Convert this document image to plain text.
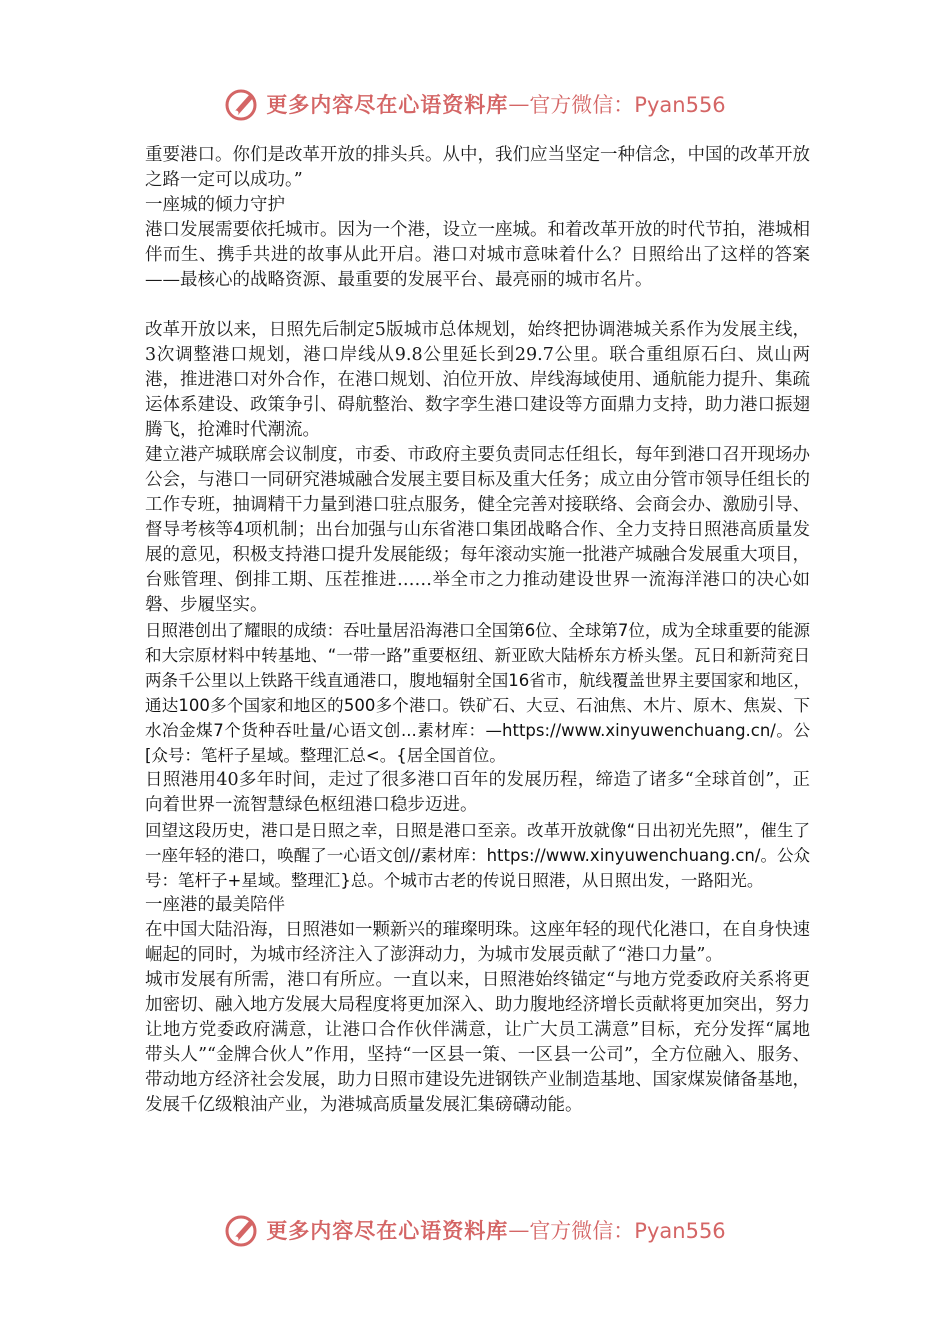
更多内容尽在心语资料库 — 官方微信：Pyan556

重要港口。你们是改革开放的排头兵。从中，我们应当坚定一种信念，中国的改革开放之路一定可以成功。”

一座城的倾力守护

港口发展需要依托城市。因为一个港，设立一座城。和着改革开放的时代节拍，港城相伴而生、携手共进的故事从此开启。港口对城市意味着什么？日照给出了这样的答案——最核心的战略资源、最重要的发展平台、最亮丽的城市名片。

改革开放以来，日照先后制定5版城市总体规划，始终把协调港城关系作为发展主线，3次调整港口规划，港口岸线从9.8公里延长到29.7公里。联合重组原石臼、岚山两港，推进港口对外合作，在港口规划、泊位开放、岸线海域使用、通航能力提升、集疏运体系建设、政策争引、碍航整治、数字孪生港口建设等方面鼎力支持，助力港口振翅腾飞，抢滩时代潮流。

建立港产城联席会议制度，市委、市政府主要负责同志任组长，每年到港口召开现场办公会，与港口一同研究港城融合发展主要目标及重大任务；成立由分管市领导任组长的工作专班，抽调精干力量到港口驻点服务，健全完善对接联络、会商会办、激励引导、督导考核等4项机制；出台加强与山东省港口集团战略合作、全力支持日照港高质量发展的意见，积极支持港口提升发展能级；每年滚动实施一批港产城融合发展重大项目，台账管理、倒排工期、压茬推进……举全市之力推动建设世界一流海洋港口的决心如磐、步履坚实。

日照港创出了耀眼的成绩：吞吐量居沿海港口全国第6位、全球第7位，成为全球重要的能源和大宗原材料中转基地、“一带一路”重要枢纽、新亚欧大陆桥东方桥头堡。瓦日和新菏兖日两条千公里以上铁路干线直通港口，腹地辐射全国16省市，航线覆盖世界主要国家和地区，通达100多个国家和地区的500多个港口。铁矿石、大豆、石油焦、木片、原木、焦炭、下水冶金煤7个货种吞吐量/心语文创...素材库：—https://www.xinyuwenchuang.cn/。公[众号：笔杆子星域。整理汇总<。{居全国首位。

日照港用40多年时间，走过了很多港口百年的发展历程，缔造了诸多“全球首创”，正向着世界一流智慧绿色枢纽港口稳步迈进。

回望这段历史，港口是日照之幸，日照是港口至亲。改革开放就像“日出初光先照”，催生了一座年轻的港口，唤醒了一心语文创//素材库：https://www.xinyuwenchuang.cn/。公众号：笔杆子+星域。整理汇}总。个城市古老的传说日照港，从日照出发，一路阳光。

一座港的最美陪伴

在中国大陆沿海，日照港如一颗新兴的璀璨明珠。这座年轻的现代化港口，在自身快速崛起的同时，为城市经济注入了澎湃动力，为城市发展贡献了“港口力量”。

城市发展有所需，港口有所应。一直以来，日照港始终锚定“与地方党委政府关系将更加密切、融入地方发展大局程度将更加深入、助力腹地经济增长贡献将更加突出，努力让地方党委政府满意，让港口合作伙伴满意，让广大员工满意”目标，充分发挥“属地带头人”“金牌合伙人”作用，坚持“一区县一策、一区县一公司”，全方位融入、服务、带动地方经济社会发展，助力日照市建设先进钢铁产业制造基地、国家煤炭储备基地，发展千亿级粮油产业，为港城高质量发展汇集磅礴动能。

更多内容尽在心语资料库 — 官方微信：Pyan556
